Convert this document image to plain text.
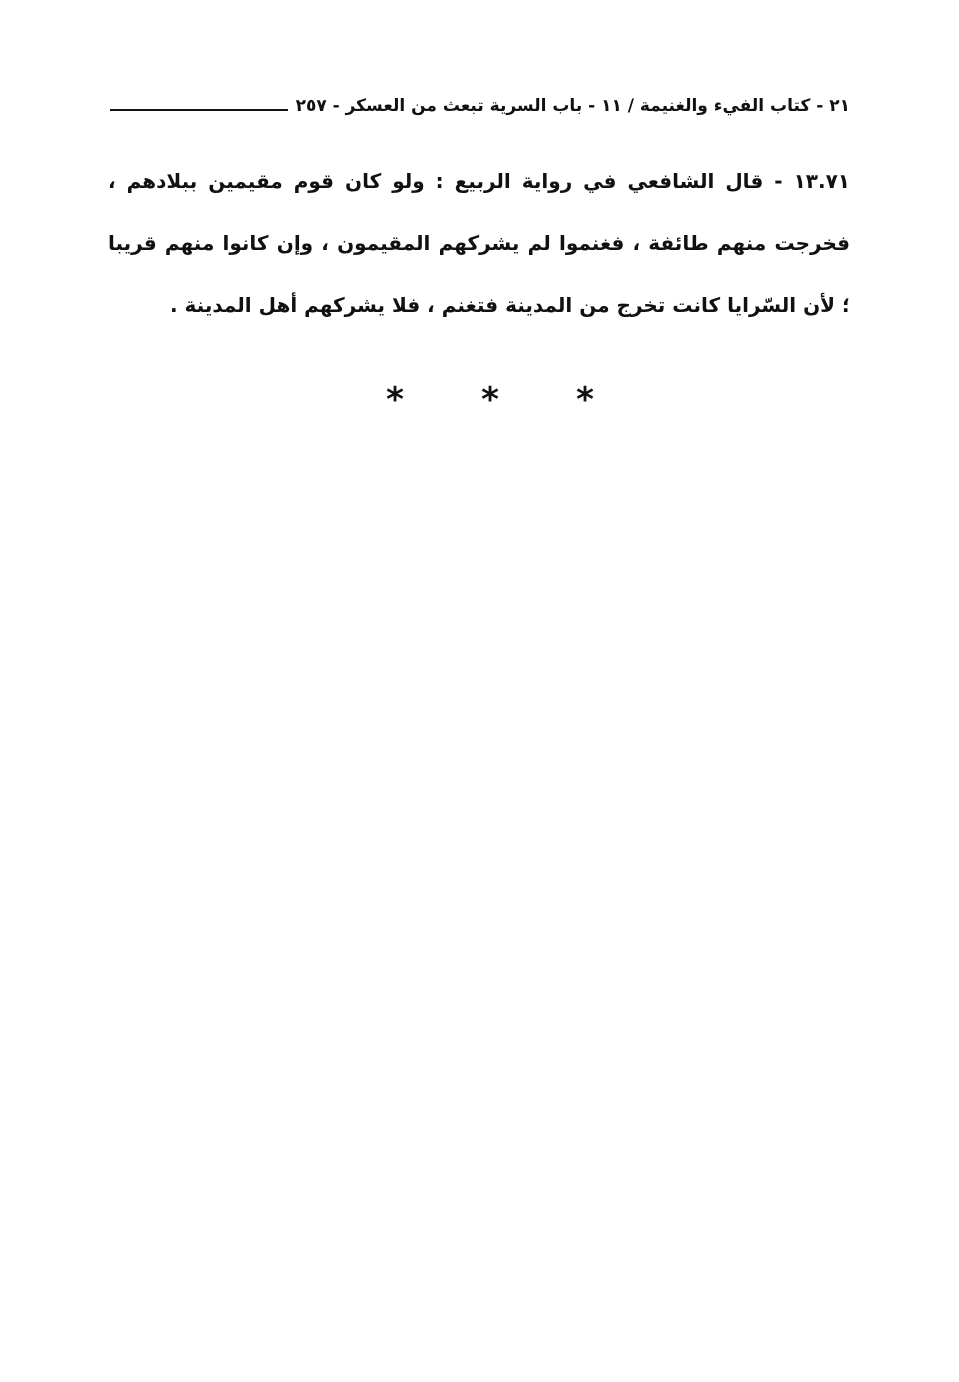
٢١ - كتاب الفيء والغنيمة / ١١ - باب السرية تبعث من العسكر - ٢٥٧
١٣.٧١ - قال الشافعي في رواية الربيع : ولو كان قوم مقيمين ببلادهم ، فخرجت منهم طائفة ، فغنموا لم يشركهم المقيمون ، وإن كانوا منهم قريبا ؛ لأن السّرايا كانت تخرج من المدينة فتغنم ، فلا يشركهم أهل المدينة .
* * *
